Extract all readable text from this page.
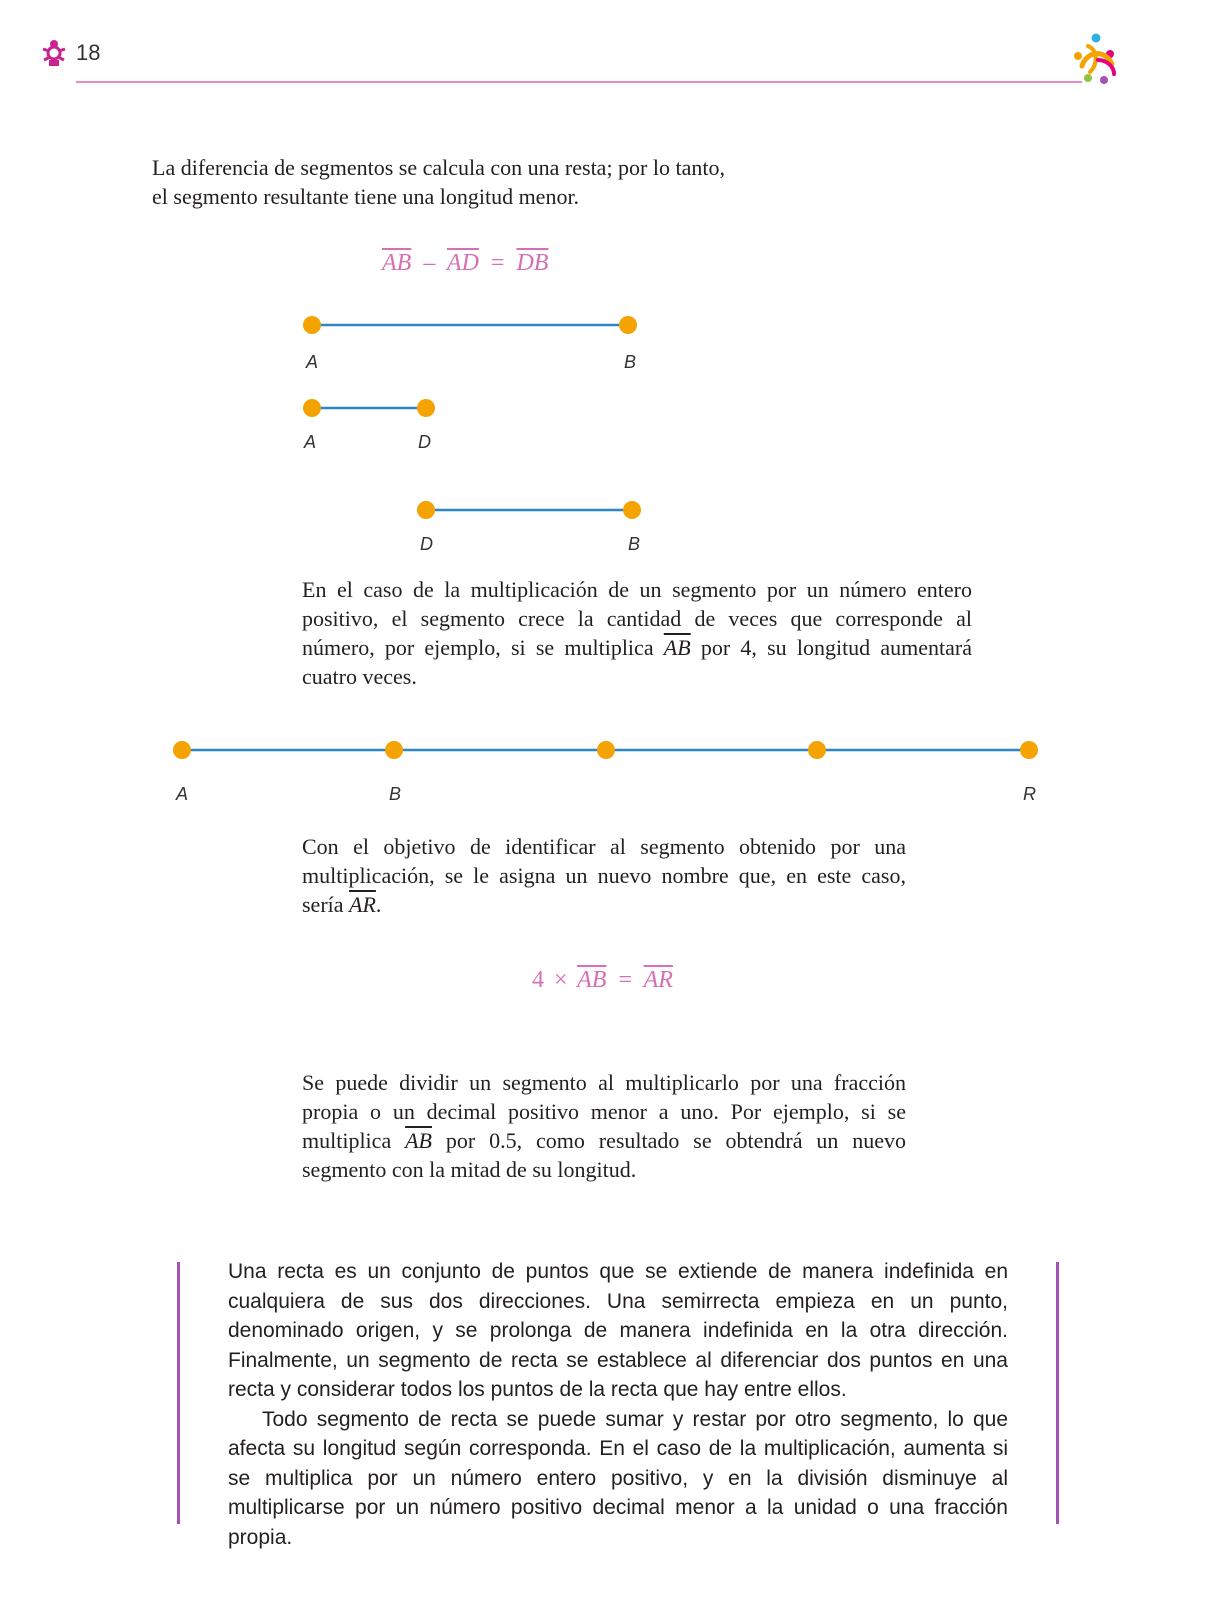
18
La diferencia de segmentos se calcula con una resta; por lo tanto,
el segmento resultante tiene una longitud menor.
$\overline{AB} - \overline{AD} = \overline{DB}$
A	B
A	D
D	B
En el caso de la multiplicación de un segmento por un número entero positivo, el segmento crece la cantidad de veces que corresponde al número, por ejemplo, si se multiplica $\overline{AB}$ por 4, su longitud aumentará cuatro veces.
A	B	R
Con el objetivo de identificar al segmento obtenido por una multiplicación, se le asigna un nuevo nombre que, en este caso, sería $\overline{AR}$.
$4 \times \overline{AB} = \overline{AR}$
Se puede dividir un segmento al multiplicarlo por una fracción propia o un decimal positivo menor a uno. Por ejemplo, si se multiplica $\overline{AB}$ por 0.5, como resultado se obtendrá un nuevo segmento con la mitad de su longitud.

Una recta es un conjunto de puntos que se extiende de manera indefinida en cualquiera de sus dos direcciones. Una semirrecta empieza en un punto, denominado origen, y se prolonga de manera indefinida en la otra dirección. Finalmente, un segmento de recta se establece al diferenciar dos puntos en una recta y considerar todos los puntos de la recta que hay entre ellos.

Todo segmento de recta se puede sumar y restar por otro segmento, lo que afecta su longitud según corresponda. En el caso de la multiplicación, aumenta si se multiplica por un número entero positivo, y en la división disminuye al multiplicarse por un número positivo decimal menor a la unidad o una fracción propia.
